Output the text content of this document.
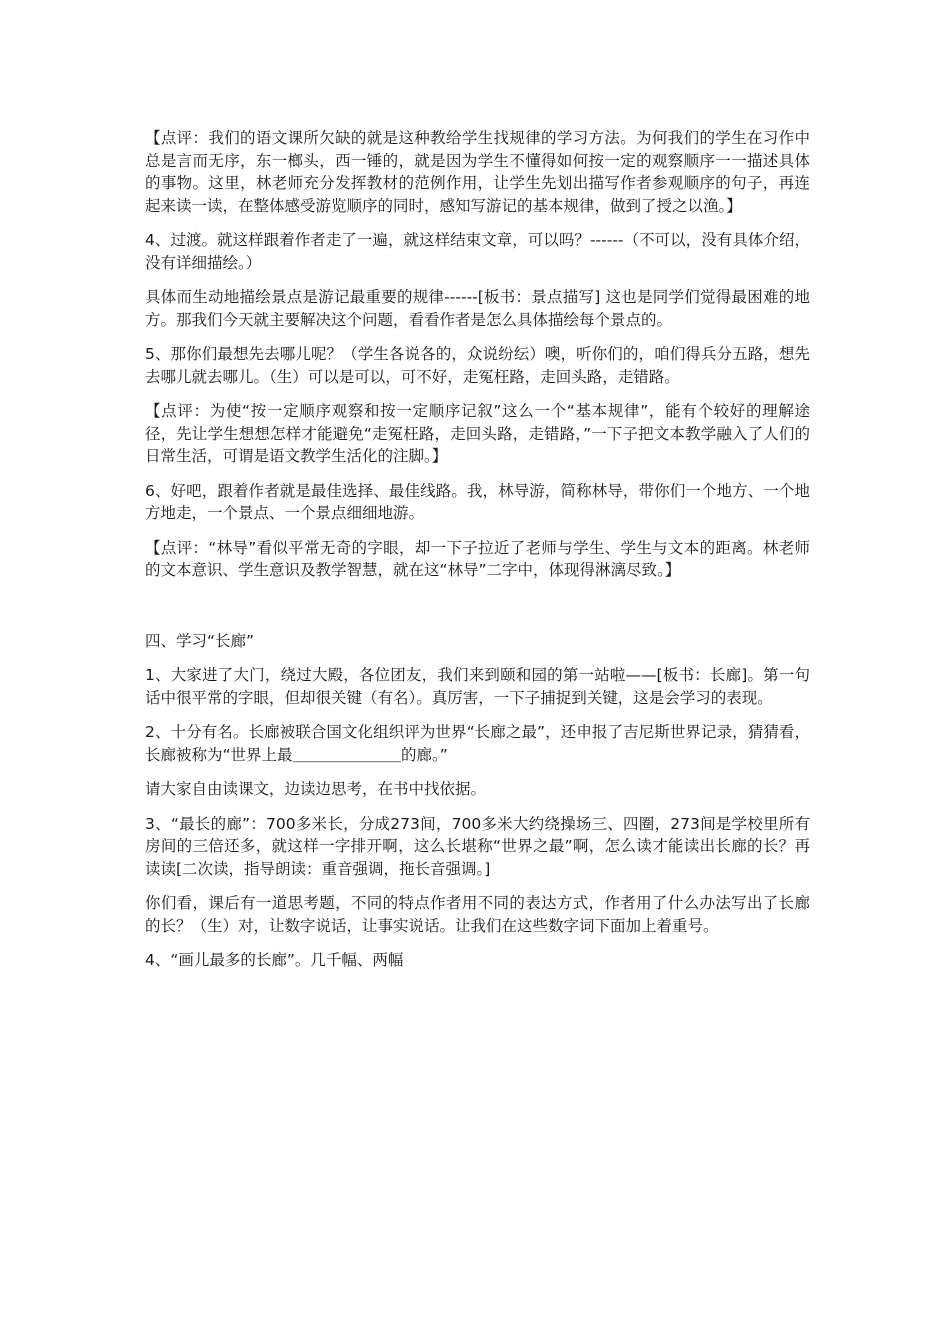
【点评：我们的语文课所欠缺的就是这种教给学生找规律的学习方法。为何我们的学生在习作中总是言而无序，东一榔头，西一锤的，就是因为学生不懂得如何按一定的观察顺序一一描述具体的事物。这里，林老师充分发挥教材的范例作用，让学生先划出描写作者参观顺序的句子，再连起来读一读，在整体感受游览顺序的同时，感知写游记的基本规律，做到了授之以渔。】

4、过渡。就这样跟着作者走了一遍，就这样结束文章，可以吗？------（不可以，没有具体介绍，没有详细描绘。）

具体而生动地描绘景点是游记最重要的规律------[板书：景点描写] 这也是同学们觉得最困难的地方。那我们今天就主要解决这个问题，看看作者是怎么具体描绘每个景点的。

5、那你们最想先去哪儿呢？（学生各说各的，众说纷纭）噢，听你们的，咱们得兵分五路，想先去哪儿就去哪儿。（生）可以是可以，可不好，走冤枉路，走回头路，走错路。

【点评：为使“按一定顺序观察和按一定顺序记叙”这么一个“基本规律”，能有个较好的理解途径，先让学生想想怎样才能避免“走冤枉路，走回头路，走错路，”一下子把文本教学融入了人们的日常生活，可谓是语文教学生活化的注脚。】

6、好吧，跟着作者就是最佳选择、最佳线路。我，林导游，简称林导，带你们一个地方、一个地方地走，一个景点、一个景点细细地游。

【点评：“林导”看似平常无奇的字眼，却一下子拉近了老师与学生、学生与文本的距离。林老师的文本意识、学生意识及教学智慧，就在这“林导”二字中，体现得淋漓尽致。】

四、学习“长廊”

1、大家进了大门，绕过大殿，各位团友，我们来到颐和园的第一站啦——[板书：长廊]。第一句话中很平常的字眼，但却很关键（有名）。真厉害，一下子捕捉到关键，这是会学习的表现。

2、十分有名。长廊被联合国文化组织评为世界“长廊之最”，还申报了吉尼斯世界记录，猜猜看，长廊被称为“世界上最＿＿＿＿＿＿＿的廊。”

请大家自由读课文，边读边思考，在书中找依据。

3、“最长的廊”：700多米长，分成273间，700多米大约绕操场三、四圈，273间是学校里所有房间的三倍还多，就这样一字排开啊，这么长堪称“世界之最”啊，怎么读才能读出长廊的长？再读读[二次读，指导朗读：重音强调，拖长音强调。]

你们看，课后有一道思考题，不同的特点作者用不同的表达方式，作者用了什么办法写出了长廊的长？（生）对，让数字说话，让事实说话。让我们在这些数字词下面加上着重号。

4、“画儿最多的长廊”。几千幅、两幅
